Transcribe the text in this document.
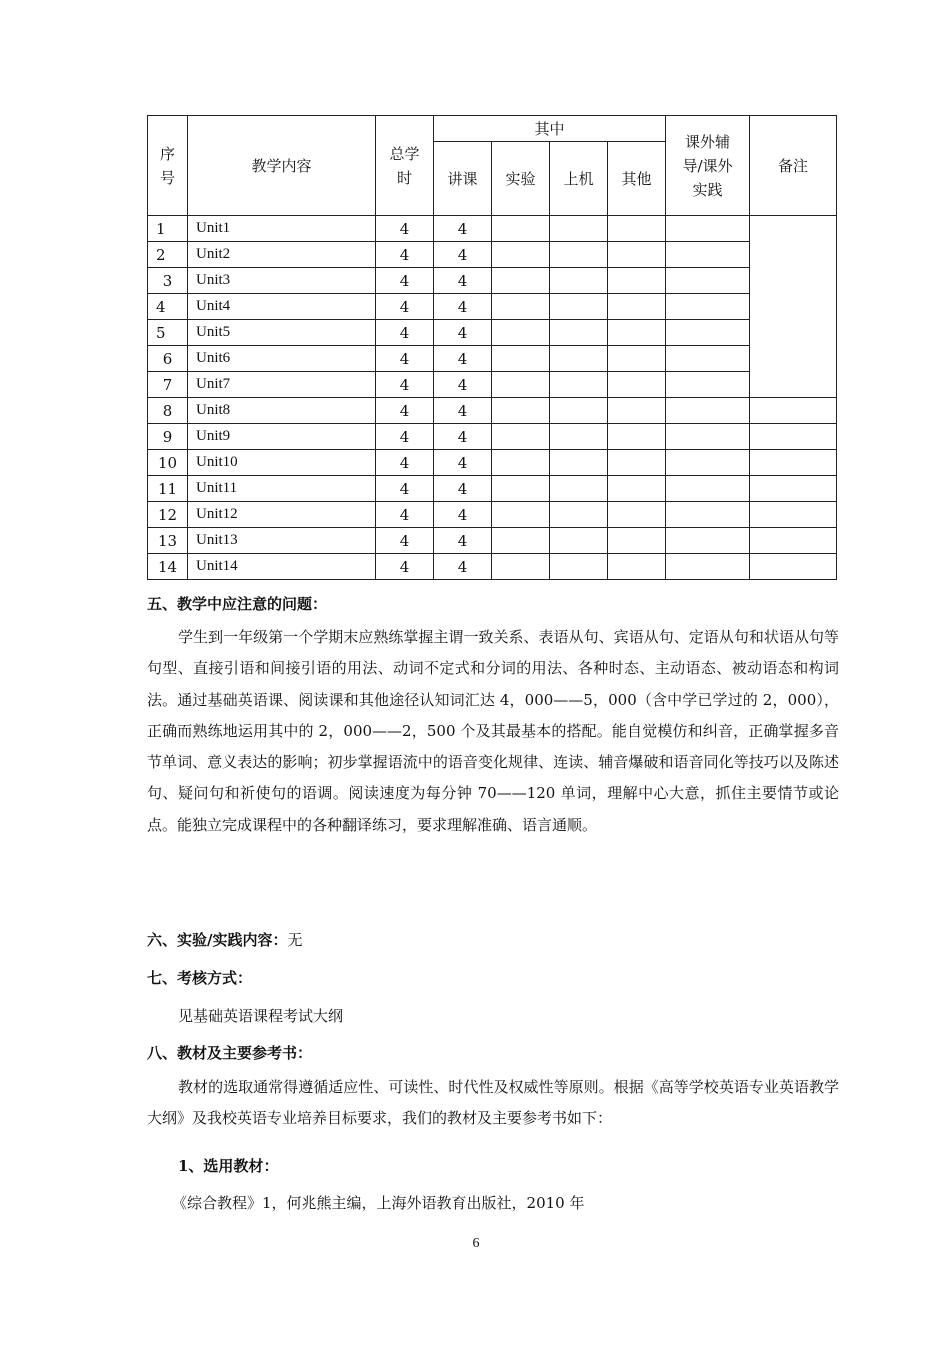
序号	教学内容	总学时	其中				课外辅导/课外实践	备注
			讲课	实验	上机	其他		
1	Unit1	4	4					
2	Unit2	4	4					
3	Unit3	4	4					
4	Unit4	4	4					
5	Unit5	4	4					
6	Unit6	4	4					
7	Unit7	4	4					
8	Unit8	4	4					
9	Unit9	4	4					
10	Unit10	4	4					
11	Unit11	4	4					
12	Unit12	4	4					
13	Unit13	4	4					
14	Unit14	4	4					
五、教学中应注意的问题：
学生到一年级第一个学期末应熟练掌握主谓一致关系、表语从句、宾语从句、定语从句和状语从句等句型、直接引语和间接引语的用法、动词不定式和分词的用法、各种时态、主动语态、被动语态和构词法。通过基础英语课、阅读课和其他途径认知词汇达 4，000——5，000（含中学已学过的 2，000），正确而熟练地运用其中的 2，000——2，500 个及其最基本的搭配。能自觉模仿和纠音，正确掌握多音节单词、意义表达的影响；初步掌握语流中的语音变化规律、连读、辅音爆破和语音同化等技巧以及陈述句、疑问句和祈使句的语调。阅读速度为每分钟 70——120 单词，理解中心大意，抓住主要情节或论点。能独立完成课程中的各种翻译练习，要求理解准确、语言通顺。
六、实验/实践内容：无
七、考核方式：
见基础英语课程考试大纲
八、教材及主要参考书：
教材的选取通常得遵循适应性、可读性、时代性及权威性等原则。根据《高等学校英语专业英语教学大纲》及我校英语专业培养目标要求，我们的教材及主要参考书如下：
1、选用教材：
《综合教程》1，何兆熊主编，上海外语教育出版社，2010 年
6
